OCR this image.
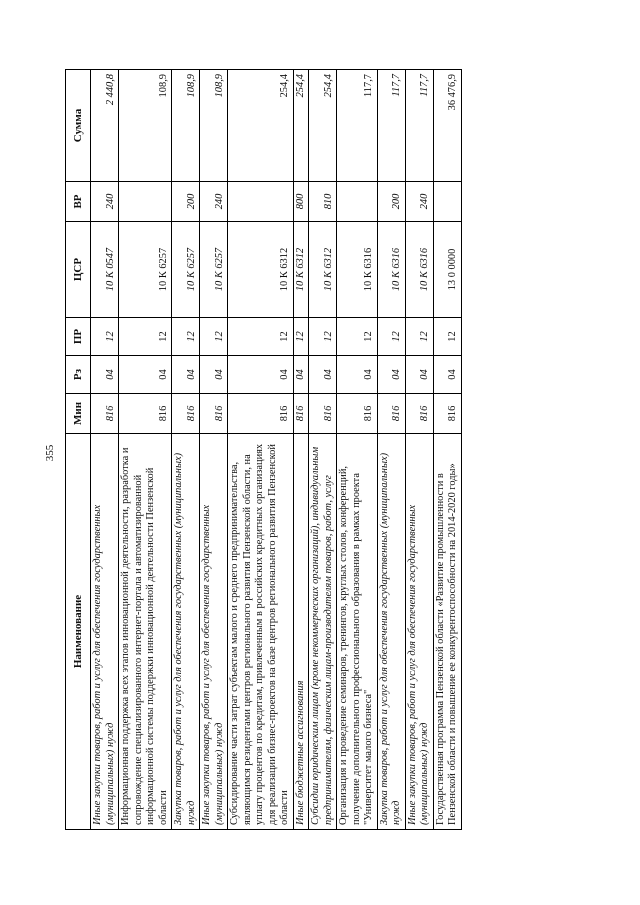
355
Наименование	Мин	Рз	ПР	ЦСР	ВР	Сумма
Иные закупки товаров, работ и услуг для обеспечения государственных (муниципальных) нужд	816	04	12	10 К 0547	240	2 440,8
Информационная поддержка всех этапов инновационной деятельности, разработка и сопровождение специализированного интернет-портала и автоматизированной информационной системы поддержки инновационной деятельности Пензенской области	816	04	12	10 К 6257		108,9
Закупка товаров, работ и услуг для обеспечения государственных (муниципальных) нужд	816	04	12	10 К 6257	200	108,9
Иные закупки товаров, работ и услуг для обеспечения государственных (муниципальных) нужд	816	04	12	10 К 6257	240	108,9
Субсидирование части затрат субъектам малого и среднего предпринимательства, являющимся резидентами центров регионального развития Пензенской области, на уплату процентов по кредитам, привлеченным в российских кредитных организациях для реализации бизнес-проектов на базе центров регионального развития Пензенской области	816	04	12	10 К 6312		254,4
Иные бюджетные ассигнования	816	04	12	10 К 6312	800	254,4
Субсидии юридическим лицам (кроме некоммерческих организаций), индивидуальным предпринимателям, физическим лицам-производителям товаров, работ, услуг	816	04	12	10 К 6312	810	254,4
Организация и проведение семинаров, тренингов, круглых столов, конференций, получение дополнительного профессионального образования в рамках проекта "Университет малого бизнеса"	816	04	12	10 К 6316		117,7
Закупка товаров, работ и услуг для обеспечения государственных (муниципальных) нужд	816	04	12	10 К 6316	200	117,7
Иные закупки товаров, работ и услуг для обеспечения государственных (муниципальных) нужд	816	04	12	10 К 6316	240	117,7
Государственная программа Пензенской области «Развитие промышленности в Пензенской области и повышение ее конкурентоспособности на 2014-2020 годы»	816	04	12	13 0 0000		36 476,9
